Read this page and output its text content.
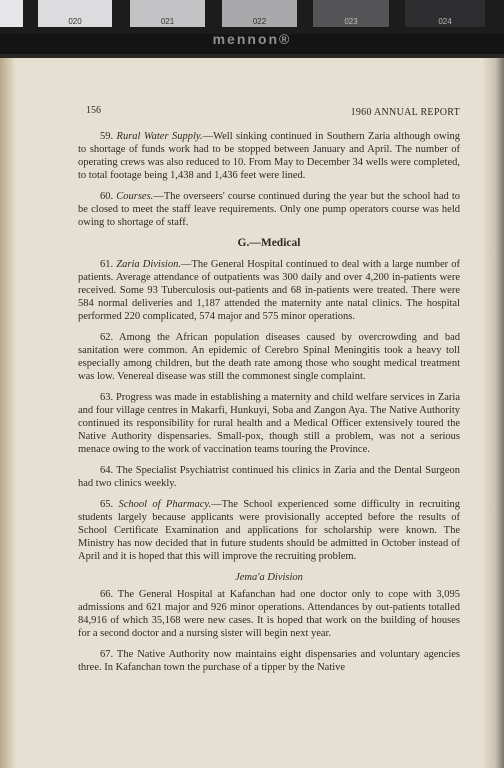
020	021	022	023	024
mennon®
156	1960 ANNUAL REPORT

59. Rural Water Supply.—Well sinking continued in Southern Zaria although owing to shortage of funds work had to be stopped between January and April. The number of operating crews was also reduced to 10. From May to December 34 wells were completed, to total footage being 1,438 and 1,436 feet were lined.

60. Courses.—The overseers' course continued during the year but the school had to be closed to meet the staff leave requirements. Only one pump operators course was held owing to shortage of staff.

G.—Medical

61. Zaria Division.—The General Hospital continued to deal with a large number of patients. Average attendance of outpatients was 300 daily and over 4,200 in-patients were received. Some 93 Tuberculosis out-patients and 68 in-patients were treated. There were 584 normal deliveries and 1,187 attended the maternity ante natal clinics. The hospital performed 220 complicated, 574 major and 575 minor operations.

62. Among the African population diseases caused by overcrowding and bad sanitation were common. An epidemic of Cerebro Spinal Meningitis took a heavy toll especially among children, but the death rate among those who sought medical treatment was low. Venereal disease was still the commonest single complaint.

63. Progress was made in establishing a maternity and child welfare services in Zaria and four village centres in Makarfi, Hunkuyi, Soba and Zangon Aya. The Native Authority continued its responsibility for rural health and a Medical Officer extensively toured the Native Authority dispensaries. Small-pox, though still a problem, was not a serious menace owing to the work of vaccination teams touring the Province.

64. The Specialist Psychiatrist continued his clinics in Zaria and the Dental Surgeon had two clinics weekly.

65. School of Pharmacy.—The School experienced some difficulty in recruiting students largely because applicants were provisionally accepted before the results of School Certificate Examination and applications for scholarship were known. The Ministry has now decided that in future students should be admitted in October instead of April and it is hoped that this will improve the recruiting problem.

Jema'a Division

66. The General Hospital at Kafanchan had one doctor only to cope with 3,095 admissions and 621 major and 926 minor operations. Attendances by out-patients totalled 84,916 of which 35,168 were new cases. It is hoped that work on the building of houses for a second doctor and a nursing sister will begin next year.

67. The Native Authority now maintains eight dispensaries and voluntary agencies three. In Kafanchan town the purchase of a tipper by the Native
